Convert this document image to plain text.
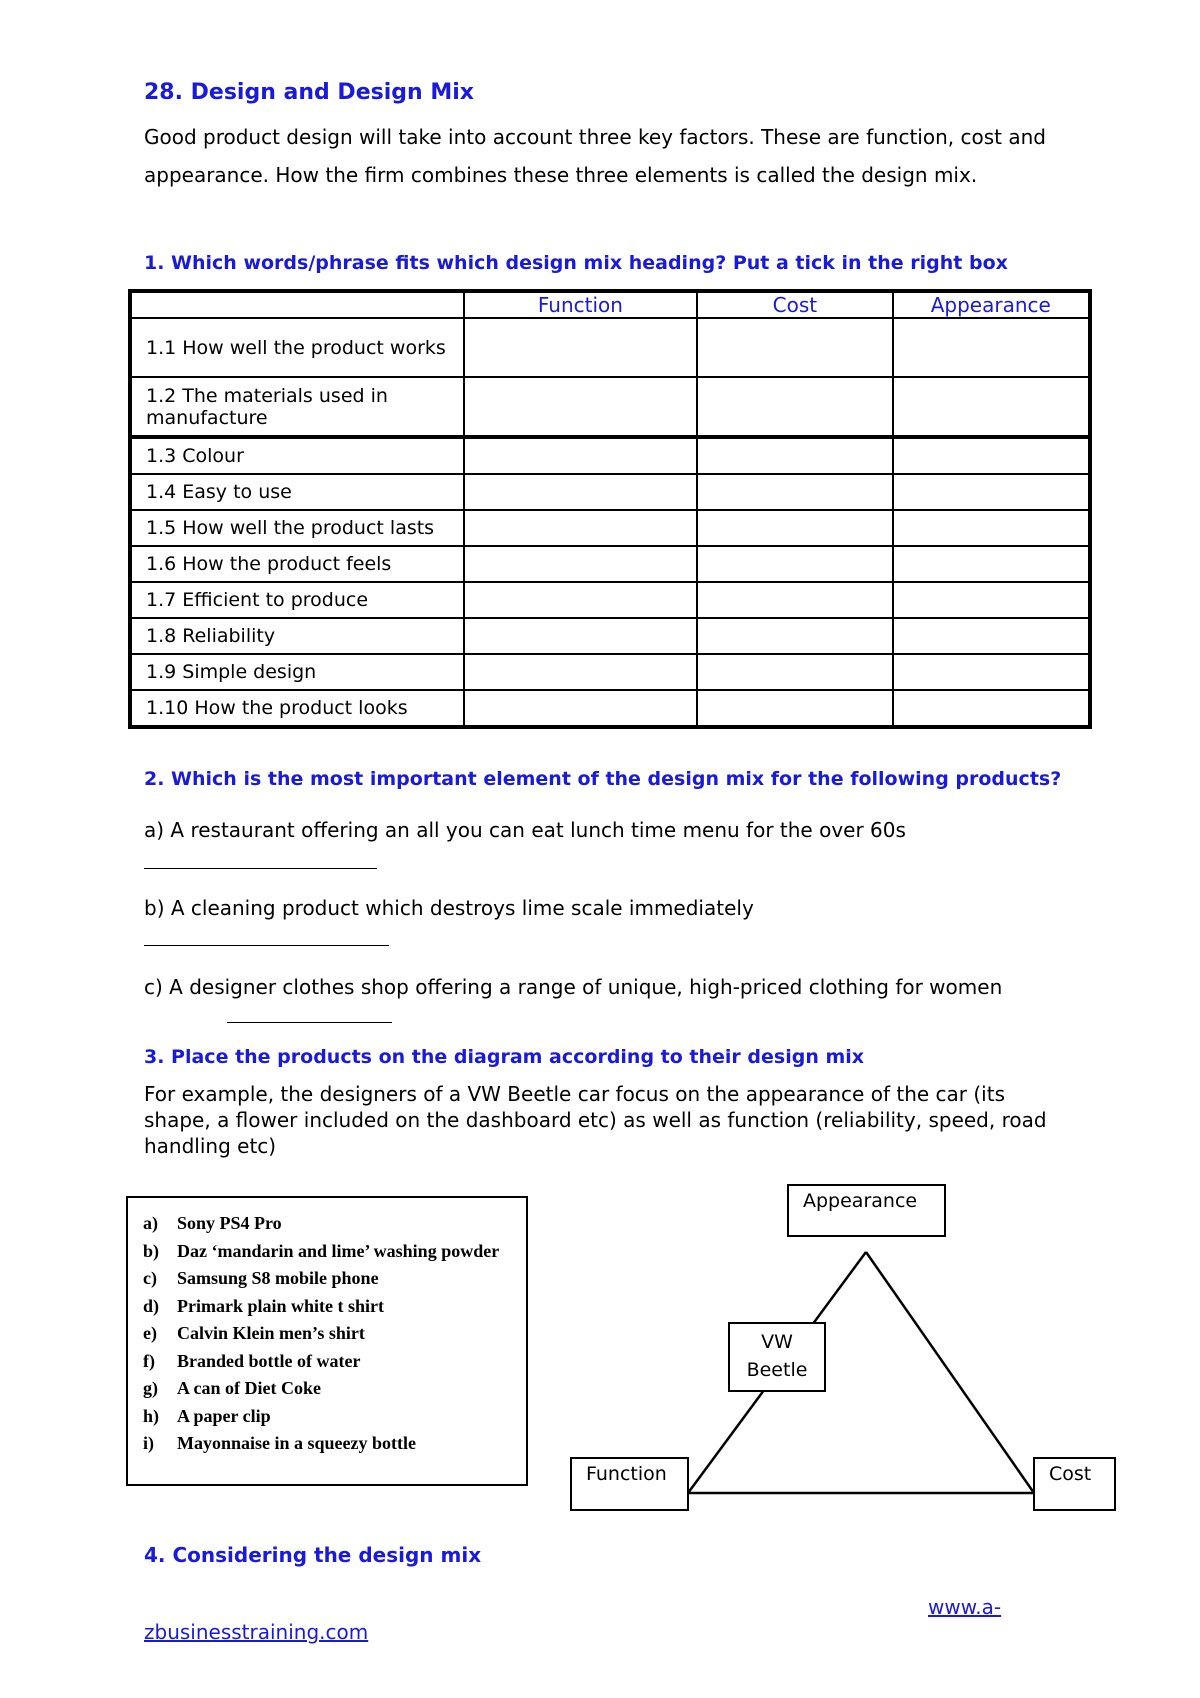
28. Design and Design Mix
Good product design will take into account three key factors. These are function, cost and appearance. How the firm combines these three elements is called the design mix.
1. Which words/phrase fits which design mix heading? Put a tick in the right box
	Function	Cost	Appearance
1.1 How well the product works			
1.2 The materials used in manufacture			
1.3 Colour			
1.4 Easy to use			
1.5 How well the product lasts			
1.6 How the product feels			
1.7 Efficient to produce			
1.8 Reliability			
1.9 Simple design			
1.10 How the product looks			
2. Which is the most important element of the design mix for the following products?
a) A restaurant offering an all you can eat lunch time menu for the over 60s
b) A cleaning product which destroys lime scale immediately
c) A designer clothes shop offering a range of unique, high-priced clothing for women
3. Place the products on the diagram according to their design mix
For example, the designers of a VW Beetle car focus on the appearance of the car (its shape, a flower included on the dashboard etc) as well as function (reliability, speed, road handling etc)
a)	Sony PS4 Pro
b) Daz ‘mandarin and lime’ washing powder
c)	Samsung S8 mobile phone
d) Primark plain white t shirt
e)	Calvin Klein men’s shirt
f)	Branded bottle of water
g)	A can of Diet Coke
h) A paper clip
i)	Mayonnaise in a squeezy bottle
Appearance
Function	Cost
VW
Beetle
4. Considering the design mix
www.a-
zbusinesstraining.com
